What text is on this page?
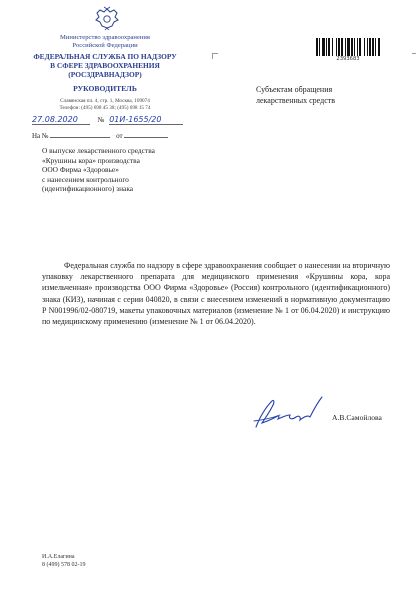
Министерство здравоохранения
Российской Федерации
ФЕДЕРАЛЬНАЯ СЛУЖБА ПО НАДЗОРУ
В СФЕРЕ ЗДРАВООХРАНЕНИЯ
(РОСЗДРАВНАДЗОР)
РУКОВОДИТЕЛЬ
Славянская пл. 4, стр. 1, Москва, 109074
Телефон: (495) 698 45 38; (495) 698 15 74
27.08.2020	№ 01И-1655/20
На №	от
2393683
Субъектам обращения
лекарственных средств
О выпуске лекарственного средства
«Крушины кора» производства
ООО Фирма «Здоровье»
с нанесением контрольного
(идентификационного) знака
Федеральная служба по надзору в сфере здравоохранения сообщает о нанесении на вторичную упаковку лекарственного препарата для медицинского применения «Крушины кора, кора измельченная» производства ООО Фирма «Здоровье» (Россия) контрольного (идентификационного) знака (КИЗ), начиная с серии 040820, в связи с внесением изменений в нормативную документацию Р N001996/02-080719, макеты упаковочных материалов (изменение № 1 от 06.04.2020) и инструкцию по медицинскому применению (изменение № 1 от 06.04.2020).
А.В.Самойлова
И.А.Елагина
8 (499) 578 02-19
